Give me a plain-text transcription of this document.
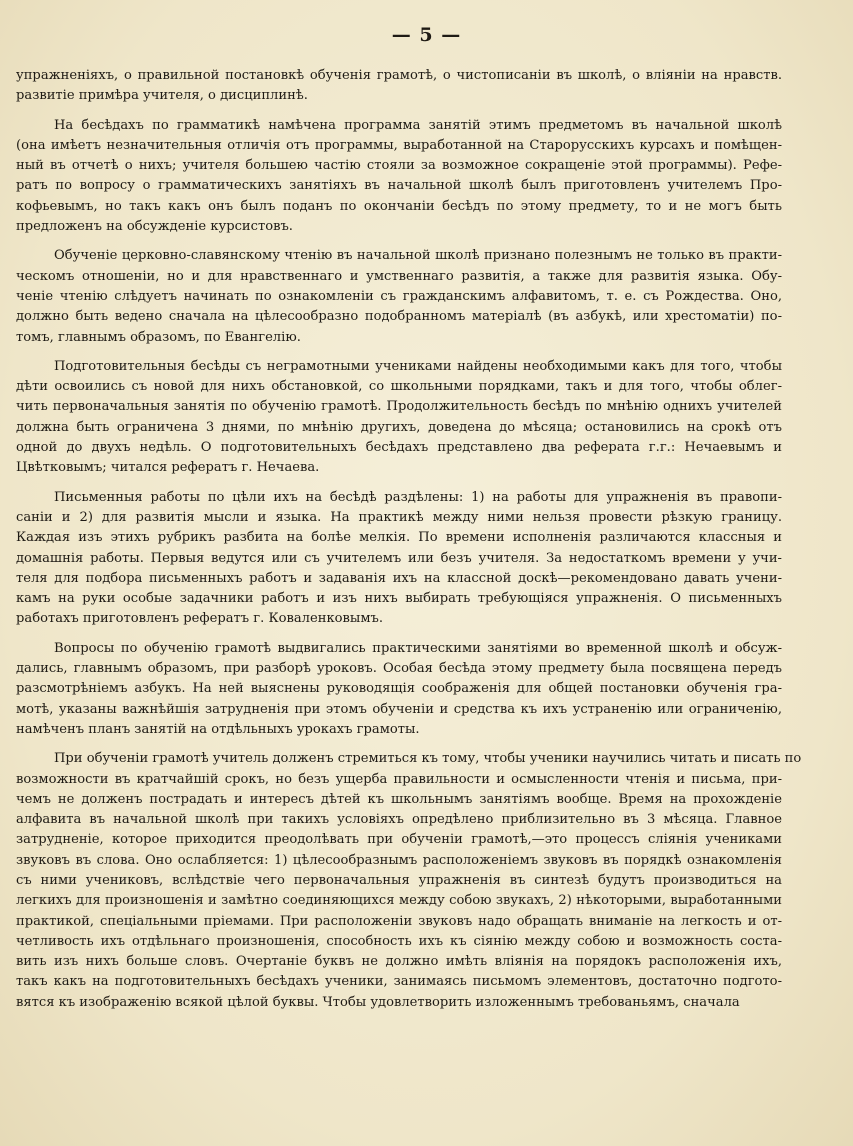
— 5 —
упражненіяхъ, о правильной постановкѣ обученія грамотѣ, о чистописаніи въ школѣ, о вліяніи на нравств.
развитіе примѣра учителя, о дисциплинѣ.
На бесѣдахъ по грамматикѣ намѣчена программа занятій этимъ предметомъ въ начальной школѣ
(она имѣетъ незначительныя отличія отъ программы, выработанной на Старорусскихъ курсахъ и помѣщен-
ный въ отчетѣ о нихъ; учителя большею частію стояли за возможное сокращеніе этой программы). Рефе-
ратъ по вопросу о грамматическихъ занятіяхъ въ начальной школѣ былъ приготовленъ учителемъ Про-
кофьевымъ, но такъ какъ онъ былъ поданъ по окончаніи бесѣдъ по этому предмету, то и не могъ быть
предложенъ на обсужденіе курсистовъ.
Обученіе церковно-славянскому чтенію въ начальной школѣ признано полезнымъ не только въ практи-
ческомъ отношеніи, но и для нравственнаго и умственнаго развитія, а также для развитія языка. Обу-
ченіе чтенію слѣдуетъ начинать по ознакомленіи съ гражданскимъ алфавитомъ, т. е. съ Рождества. Оно,
должно быть ведено сначала на цѣлесообразно подобранномъ матеріалѣ (въ азбукѣ, или хрестоматіи) по-
томъ, главнымъ образомъ, по Евангелію.
Подготовительныя бесѣды съ неграмотными учениками найдены необходимыми какъ для того, чтобы
дѣти освоились съ новой для нихъ обстановкой, со школьными порядками, такъ и для того, чтобы облег-
чить первоначальныя занятія по обученію грамотѣ. Продолжительность бесѣдъ по мнѣнію однихъ учителей
должна быть ограничена 3 днями, по мнѣнію другихъ, доведена до мѣсяца; остановились на срокѣ отъ
одной до двухъ недѣль. О подготовительныхъ бесѣдахъ представлено два реферата г.г.: Нечаевымъ и
Цвѣтковымъ; читался рефератъ г. Нечаева.
Письменныя работы по цѣли ихъ на бесѣдѣ раздѣлены: 1) на работы для упражненія въ правопи-
саніи и 2) для развитія мысли и языка. На практикѣ между ними нельзя провести рѣзкую границу.
Каждая изъ этихъ рубрикъ разбита на болѣе мелкія. По времени исполненія различаются классныя и
домашнія работы. Первыя ведутся или съ учителемъ или безъ учителя. За недостаткомъ времени у учи-
теля для подбора письменныхъ работъ и задаванія ихъ на классной доскѣ—рекомендовано давать учени-
камъ на руки особые задачники работъ и изъ нихъ выбирать требующіяся упражненія. О письменныхъ
работахъ приготовленъ рефератъ г. Коваленковымъ.
Вопросы по обученію грамотѣ выдвигались практическими занятіями во временной школѣ и обсуж-
дались, главнымъ образомъ, при разборѣ уроковъ. Особая бесѣда этому предмету была посвящена передъ
разсмотрѣніемъ азбукъ. На ней выяснены руководящія соображенія для общей постановки обученія гра-
мотѣ, указаны важнѣйшія затрудненія при этомъ обученіи и средства къ ихъ устраненію или ограниченію,
намѣченъ планъ занятій на отдѣльныхъ урокахъ грамоты.
При обученіи грамотѣ учитель долженъ стремиться къ тому, чтобы ученики научились читать и писать по
возможности въ кратчайшій срокъ, но безъ ущерба правильности и осмысленности чтенія и письма, при-
чемъ не долженъ пострадать и интересъ дѣтей къ школьнымъ занятіямъ вообще. Время на прохожденіе
алфавита въ начальной школѣ при такихъ условіяхъ опредѣлено приблизительно въ 3 мѣсяца. Главное
затрудненіе, которое приходится преодолѣвать при обученіи грамотѣ,—это процессъ слiянія учениками
звуковъ въ слова. Оно ослабляется: 1) цѣлесообразнымъ расположеніемъ звуковъ въ порядкѣ ознакомленія
съ ними учениковъ, вслѣдствіе чего первоначальныя упражненія въ синтезѣ будутъ производиться на
легкихъ для произношенія и замѣтно соединяющихся между собою звукахъ, 2) нѣкоторыми, выработанными
практикой, спеціальными пріемами. При расположеніи звуковъ надо обращать вниманіе на легкость и от-
четливость ихъ отдѣльнаго произношенія, способность ихъ къ сіянію между собою и возможность соста-
вить изъ нихъ больше словъ. Очертаніе буквъ не должно имѣть вліянія на порядокъ расположенія ихъ,
такъ какъ на подготовительныхъ бесѣдахъ ученики, занимаясь письмомъ элементовъ, достаточно подгото-
вятся къ изображенію всякой цѣлой буквы. Чтобы удовлетворить изложеннымъ требованьямъ, сначала
